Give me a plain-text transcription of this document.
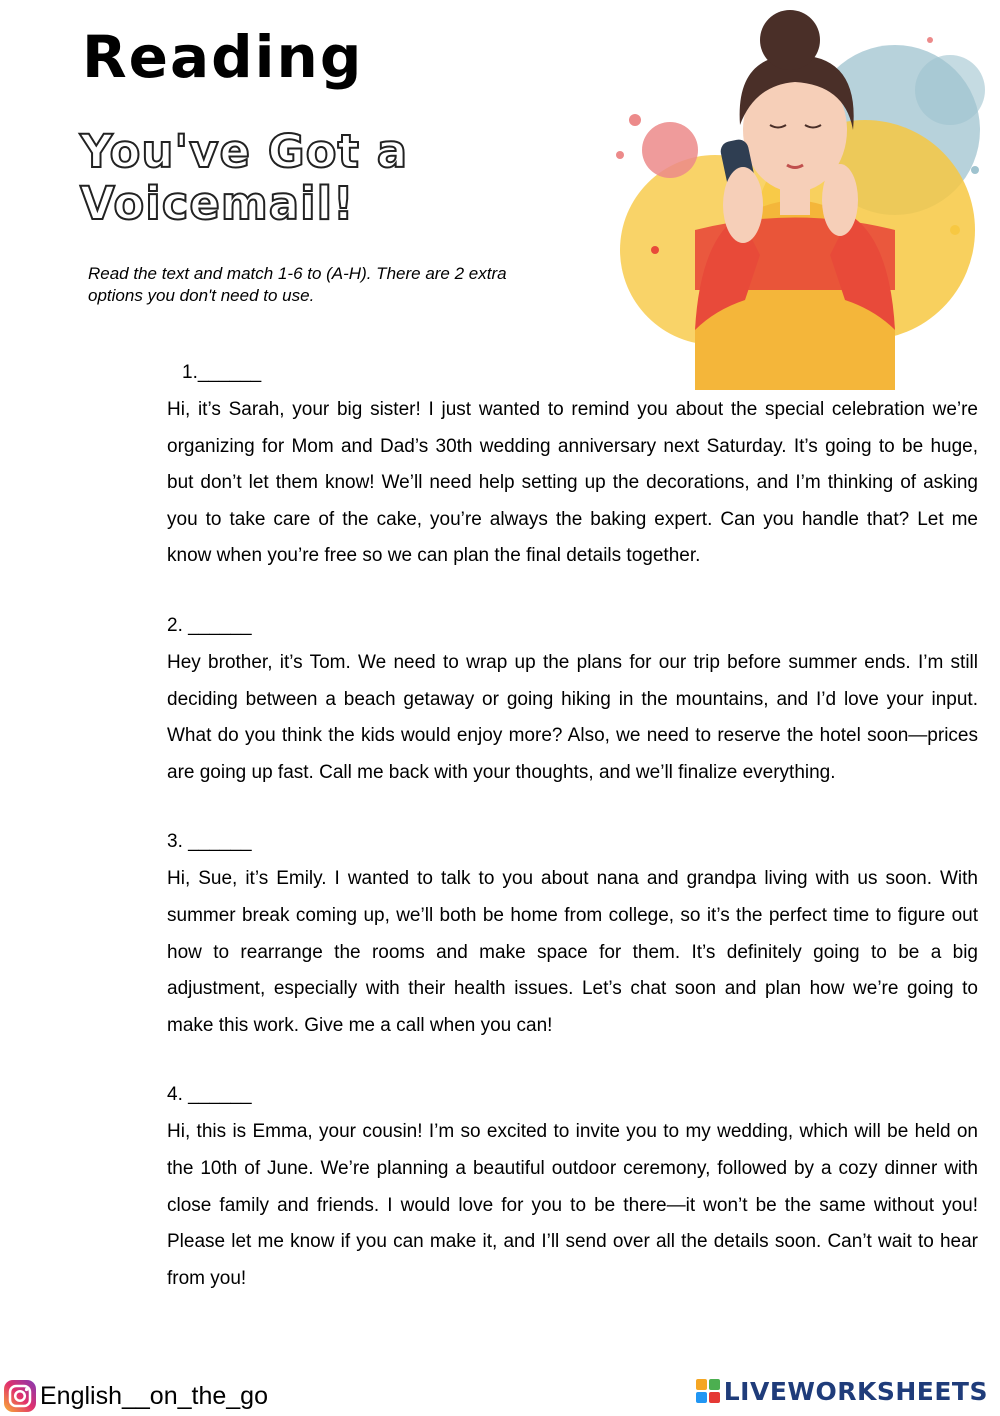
Reading
You've Got a Voicemail!

Read the text and match 1-6 to (A-H). There are 2 extra options you don't need to use.

1.______

Hi, it’s Sarah, your big sister! I just wanted to remind you about the special celebration we’re organizing for Mom and Dad’s 30th wedding anniversary next Saturday. It’s going to be huge, but don’t let them know! We’ll need help setting up the decorations, and I’m thinking of asking you to take care of the cake, you’re always the baking expert. Can you handle that? Let me know when you’re free so we can plan the final details together.

2. ______

Hey brother, it’s Tom. We need to wrap up the plans for our trip before summer ends. I’m still deciding between a beach getaway or going hiking in the mountains, and I’d love your input. What do you think the kids would enjoy more? Also, we need to reserve the hotel soon—prices are going up fast. Call me back with your thoughts, and we’ll finalize everything.

3. ______

Hi, Sue, it’s Emily. I wanted to talk to you about nana and grandpa living with us soon. With summer break coming up, we’ll both be home from college, so it’s the perfect time to figure out how to rearrange the rooms and make space for them. It’s definitely going to be a big adjustment, especially with their health issues. Let’s chat soon and plan how we’re going to make this work. Give me a call when you can!

4. ______

Hi, this is Emma, your cousin! I’m so excited to invite you to my wedding, which will be held on the 10th of June. We’re planning a beautiful outdoor ceremony, followed by a cozy dinner with close family and friends. I would love for you to be there—it won’t be the same without you! Please let me know if you can make it, and I’ll send over all the details soon. Can’t wait to hear from you!

English__on_the_go	LIVEWORKSHEETS
